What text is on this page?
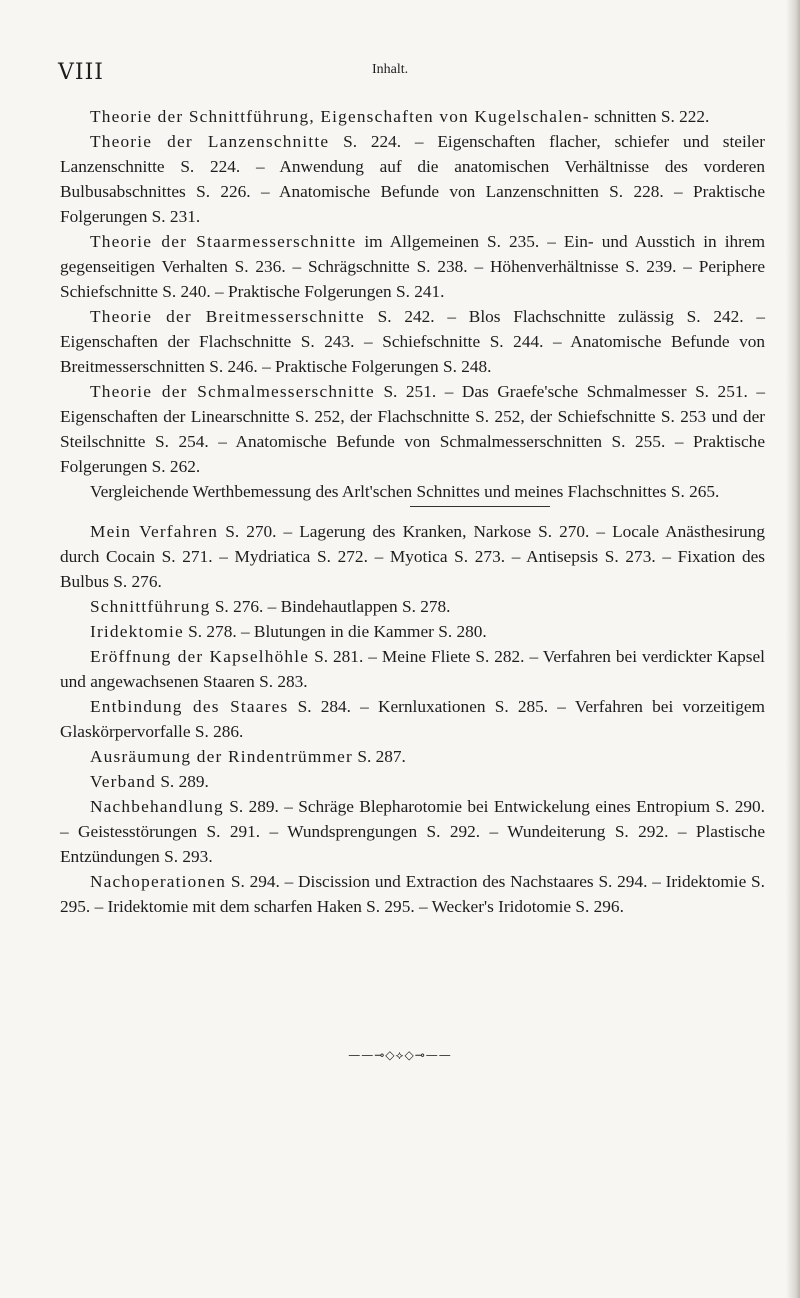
VIII	Inhalt.

Theorie der Schnittführung, Eigenschaften von Kugelschalen- schnitten S. 222.

Theorie der Lanzenschnitte S. 224. – Eigenschaften flacher, schiefer und steiler Lanzenschnitte S. 224. – Anwendung auf die anatomischen Verhältnisse des vorderen Bulbusabschnittes S. 226. – Anatomische Befunde von Lanzenschnitten S. 228. – Praktische Folgerungen S. 231.

Theorie der Staarmesserschnitte im Allgemeinen S. 235. – Ein- und Ausstich in ihrem gegenseitigen Verhalten S. 236. – Schrägschnitte S. 238. – Höhenverhältnisse S. 239. – Periphere Schiefschnitte S. 240. – Praktische Folgerungen S. 241.

Theorie der Breitmesserschnitte S. 242. – Blos Flachschnitte zulässig S. 242. – Eigenschaften der Flachschnitte S. 243. – Schiefschnitte S. 244. – Anatomische Befunde von Breitmesserschnitten S. 246. – Praktische Folgerungen S. 248.

Theorie der Schmalmesserschnitte S. 251. – Das Graefe'sche Schmalmesser S. 251. – Eigenschaften der Linearschnitte S. 252, der Flachschnitte S. 252, der Schiefschnitte S. 253 und der Steilschnitte S. 254. – Anatomische Befunde von Schmalmesserschnitten S. 255. – Praktische Folgerungen S. 262.

Vergleichende Werthbemessung des Arlt'schen Schnittes und meines Flachschnittes S. 265.

Mein Verfahren S. 270. – Lagerung des Kranken, Narkose S. 270. – Locale Anästhesirung durch Cocain S. 271. – Mydriatica S. 272. – Myotica S. 273. – Antisepsis S. 273. – Fixation des Bulbus S. 276.

Schnittführung S. 276. – Bindehautlappen S. 278.

Iridektomie S. 278. – Blutungen in die Kammer S. 280.

Eröffnung der Kapselhöhle S. 281. – Meine Fliete S. 282. – Verfahren bei verdickter Kapsel und angewachsenen Staaren S. 283.

Entbindung des Staares S. 284. – Kernluxationen S. 285. – Verfahren bei vorzeitigem Glaskörpervorfalle S. 286.

Ausräumung der Rindentrümmer S. 287.

Verband S. 289.

Nachbehandlung S. 289. – Schräge Blepharotomie bei Entwickelung eines Entropium S. 290. – Geistesstörungen S. 291. – Wundsprengungen S. 292. – Wundeiterung S. 292. – Plastische Entzündungen S. 293.

Nachoperationen S. 294. – Discission und Extraction des Nachstaares S. 294. – Iridektomie S. 295. – Iridektomie mit dem scharfen Haken S. 295. – Wecker's Iridotomie S. 296.

——⊸◇⟡◇⊸——
